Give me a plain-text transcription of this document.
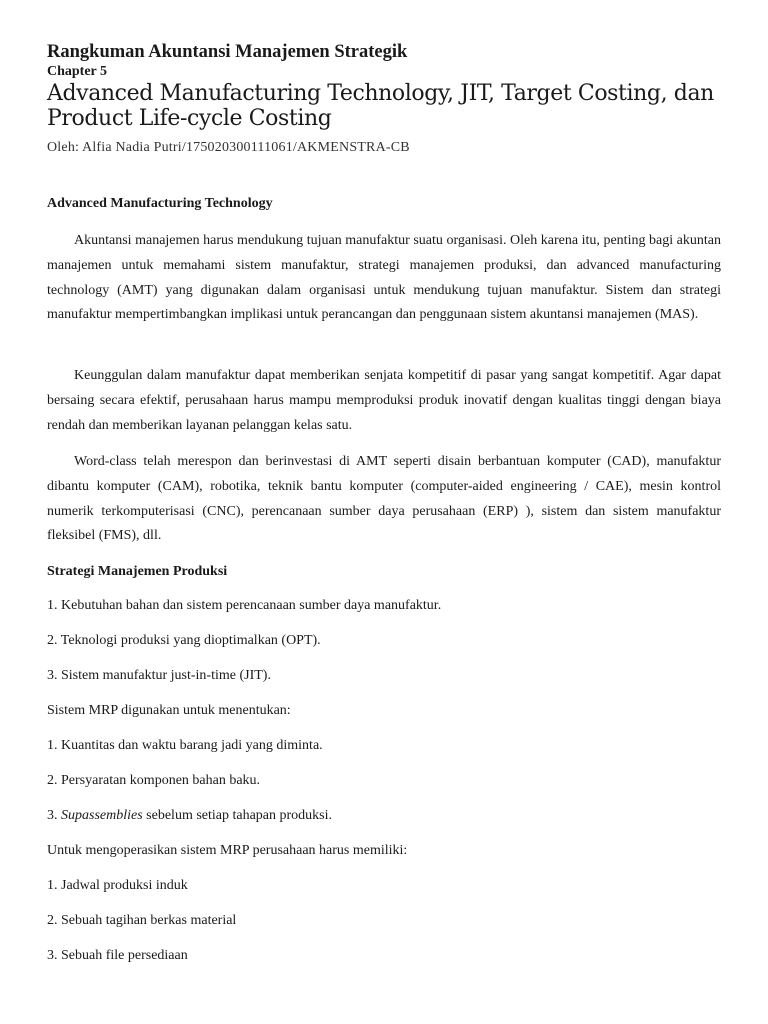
Rangkuman Akuntansi Manajemen Strategik
Chapter 5
Advanced Manufacturing Technology, JIT, Target Costing, dan Product Life-cycle Costing
Oleh: Alfia Nadia Putri/175020300111061/AKMENSTRA-CB
Advanced Manufacturing Technology
Akuntansi manajemen harus mendukung tujuan manufaktur suatu organisasi. Oleh karena itu, penting bagi akuntan manajemen untuk memahami sistem manufaktur, strategi manajemen produksi, dan advanced manufacturing technology (AMT) yang digunakan dalam organisasi untuk mendukung tujuan manufaktur. Sistem dan strategi manufaktur mempertimbangkan implikasi untuk perancangan dan penggunaan sistem akuntansi manajemen (MAS).
Keunggulan dalam manufaktur dapat memberikan senjata kompetitif di pasar yang sangat kompetitif. Agar dapat bersaing secara efektif, perusahaan harus mampu memproduksi produk inovatif dengan kualitas tinggi dengan biaya rendah dan memberikan layanan pelanggan kelas satu.
Word-class telah merespon dan berinvestasi di AMT seperti disain berbantuan komputer (CAD), manufaktur dibantu komputer (CAM), robotika, teknik bantu komputer (computer-aided engineering / CAE), mesin kontrol numerik terkomputerisasi (CNC), perencanaan sumber daya perusahaan (ERP) ), sistem dan sistem manufaktur fleksibel (FMS), dll.
Strategi Manajemen Produksi
1. Kebutuhan bahan dan sistem perencanaan sumber daya manufaktur.
2. Teknologi produksi yang dioptimalkan (OPT).
3. Sistem manufaktur just-in-time (JIT).
Sistem MRP digunakan untuk menentukan:
1. Kuantitas dan waktu barang jadi yang diminta.
2. Persyaratan komponen bahan baku.
3. Supassemblies sebelum setiap tahapan produksi.
Untuk mengoperasikan sistem MRP perusahaan harus memiliki:
1. Jadwal produksi induk
2. Sebuah tagihan berkas material
3. Sebuah file persediaan
